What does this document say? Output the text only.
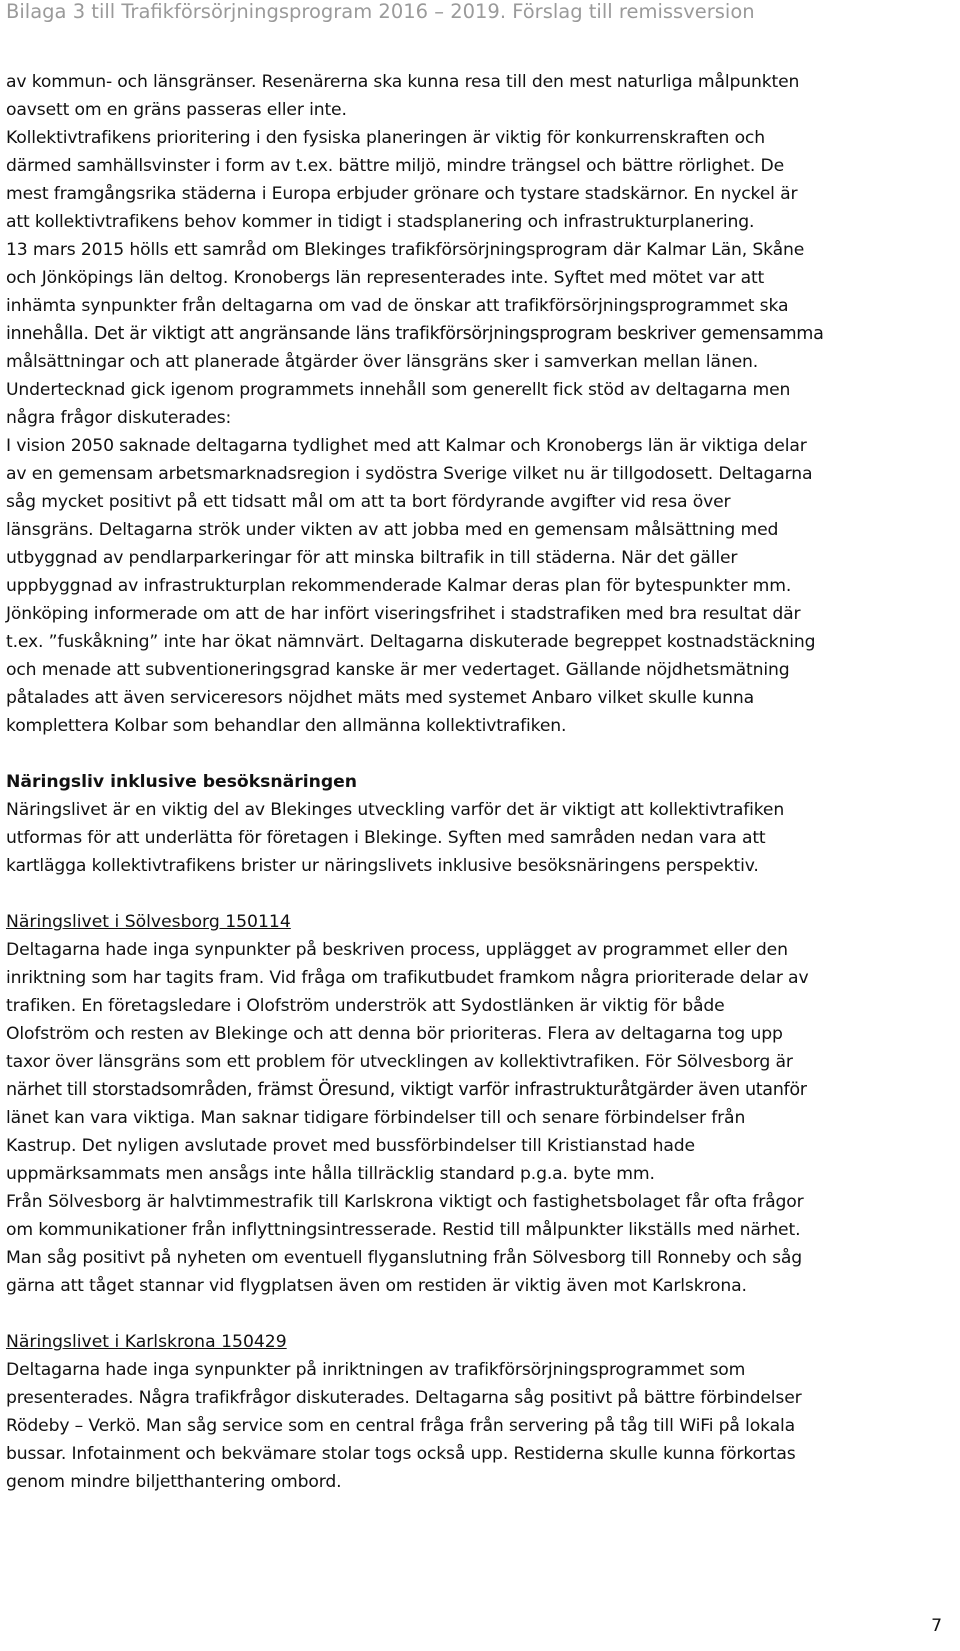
Bilaga 3 till Trafikförsörjningsprogram 2016 – 2019. Förslag till remissversion

av kommun- och länsgränser. Resenärerna ska kunna resa till den mest naturliga målpunkten

oavsett om en gräns passeras eller inte.

Kollektivtrafikens prioritering i den fysiska planeringen är viktig för konkurrenskraften och

därmed samhällsvinster i form av t.ex. bättre miljö, mindre trängsel och bättre rörlighet. De

mest framgångsrika städerna i Europa erbjuder grönare och tystare stadskärnor. En nyckel är

att kollektivtrafikens behov kommer in tidigt i stadsplanering och infrastrukturplanering.

13 mars 2015 hölls ett samråd om Blekinges trafikförsörjningsprogram där Kalmar Län, Skåne

och Jönköpings län deltog. Kronobergs län representerades inte. Syftet med mötet var att

inhämta synpunkter från deltagarna om vad de önskar att trafikförsörjningsprogrammet ska

innehålla. Det är viktigt att angränsande läns trafikförsörjningsprogram beskriver gemensamma

målsättningar och att planerade åtgärder över länsgräns sker i samverkan mellan länen.

Undertecknad gick igenom programmets innehåll som generellt fick stöd av deltagarna men

några frågor diskuterades:

I vision 2050 saknade deltagarna tydlighet med att Kalmar och Kronobergs län är viktiga delar

av en gemensam arbetsmarknadsregion i sydöstra Sverige vilket nu är tillgodosett. Deltagarna

såg mycket positivt på ett tidsatt mål om att ta bort fördyrande avgifter vid resa över

länsgräns. Deltagarna strök under vikten av att jobba med en gemensam målsättning med

utbyggnad av pendlarparkeringar för att minska biltrafik in till städerna. När det gäller

uppbyggnad av infrastrukturplan rekommenderade Kalmar deras plan för bytespunkter mm.

Jönköping informerade om att de har infört viseringsfrihet i stadstrafiken med bra resultat där

t.ex. ”fuskåkning” inte har ökat nämnvärt. Deltagarna diskuterade begreppet kostnadstäckning

och menade att subventioneringsgrad kanske är mer vedertaget. Gällande nöjdhetsmätning

påtalades att även serviceresors nöjdhet mäts med systemet Anbaro vilket skulle kunna

komplettera Kolbar som behandlar den allmänna kollektivtrafiken.

Näringsliv inklusive besöksnäringen

Näringslivet är en viktig del av Blekinges utveckling varför det är viktigt att kollektivtrafiken

utformas för att underlätta för företagen i Blekinge. Syften med samråden nedan vara att

kartlägga kollektivtrafikens brister ur näringslivets inklusive besöksnäringens perspektiv.

Näringslivet i Sölvesborg 150114

Deltagarna hade inga synpunkter på beskriven process, upplägget av programmet eller den

inriktning som har tagits fram. Vid fråga om trafikutbudet framkom några prioriterade delar av

trafiken. En företagsledare i Olofström underströk att Sydostlänken är viktig för både

Olofström och resten av Blekinge och att denna bör prioriteras. Flera av deltagarna tog upp

taxor över länsgräns som ett problem för utvecklingen av kollektivtrafiken. För Sölvesborg är

närhet till storstadsområden, främst Öresund, viktigt varför infrastrukturåtgärder även utanför

länet kan vara viktiga. Man saknar tidigare förbindelser till och senare förbindelser från

Kastrup. Det nyligen avslutade provet med bussförbindelser till Kristianstad hade

uppmärksammats men ansågs inte hålla tillräcklig standard p.g.a. byte mm.

Från Sölvesborg är halvtimmestrafik till Karlskrona viktigt och fastighetsbolaget får ofta frågor

om kommunikationer från inflyttningsintresserade. Restid till målpunkter likställs med närhet.

Man såg positivt på nyheten om eventuell flyganslutning från Sölvesborg till Ronneby och såg

gärna att tåget stannar vid flygplatsen även om restiden är viktig även mot Karlskrona.

Näringslivet i Karlskrona 150429

Deltagarna hade inga synpunkter på inriktningen av trafikförsörjningsprogrammet som

presenterades. Några trafikfrågor diskuterades. Deltagarna såg positivt på bättre förbindelser

Rödeby – Verkö. Man såg service som en central fråga från servering på tåg till WiFi på lokala

bussar. Infotainment och bekvämare stolar togs också upp. Restiderna skulle kunna förkortas

genom mindre biljetthantering ombord.

7
